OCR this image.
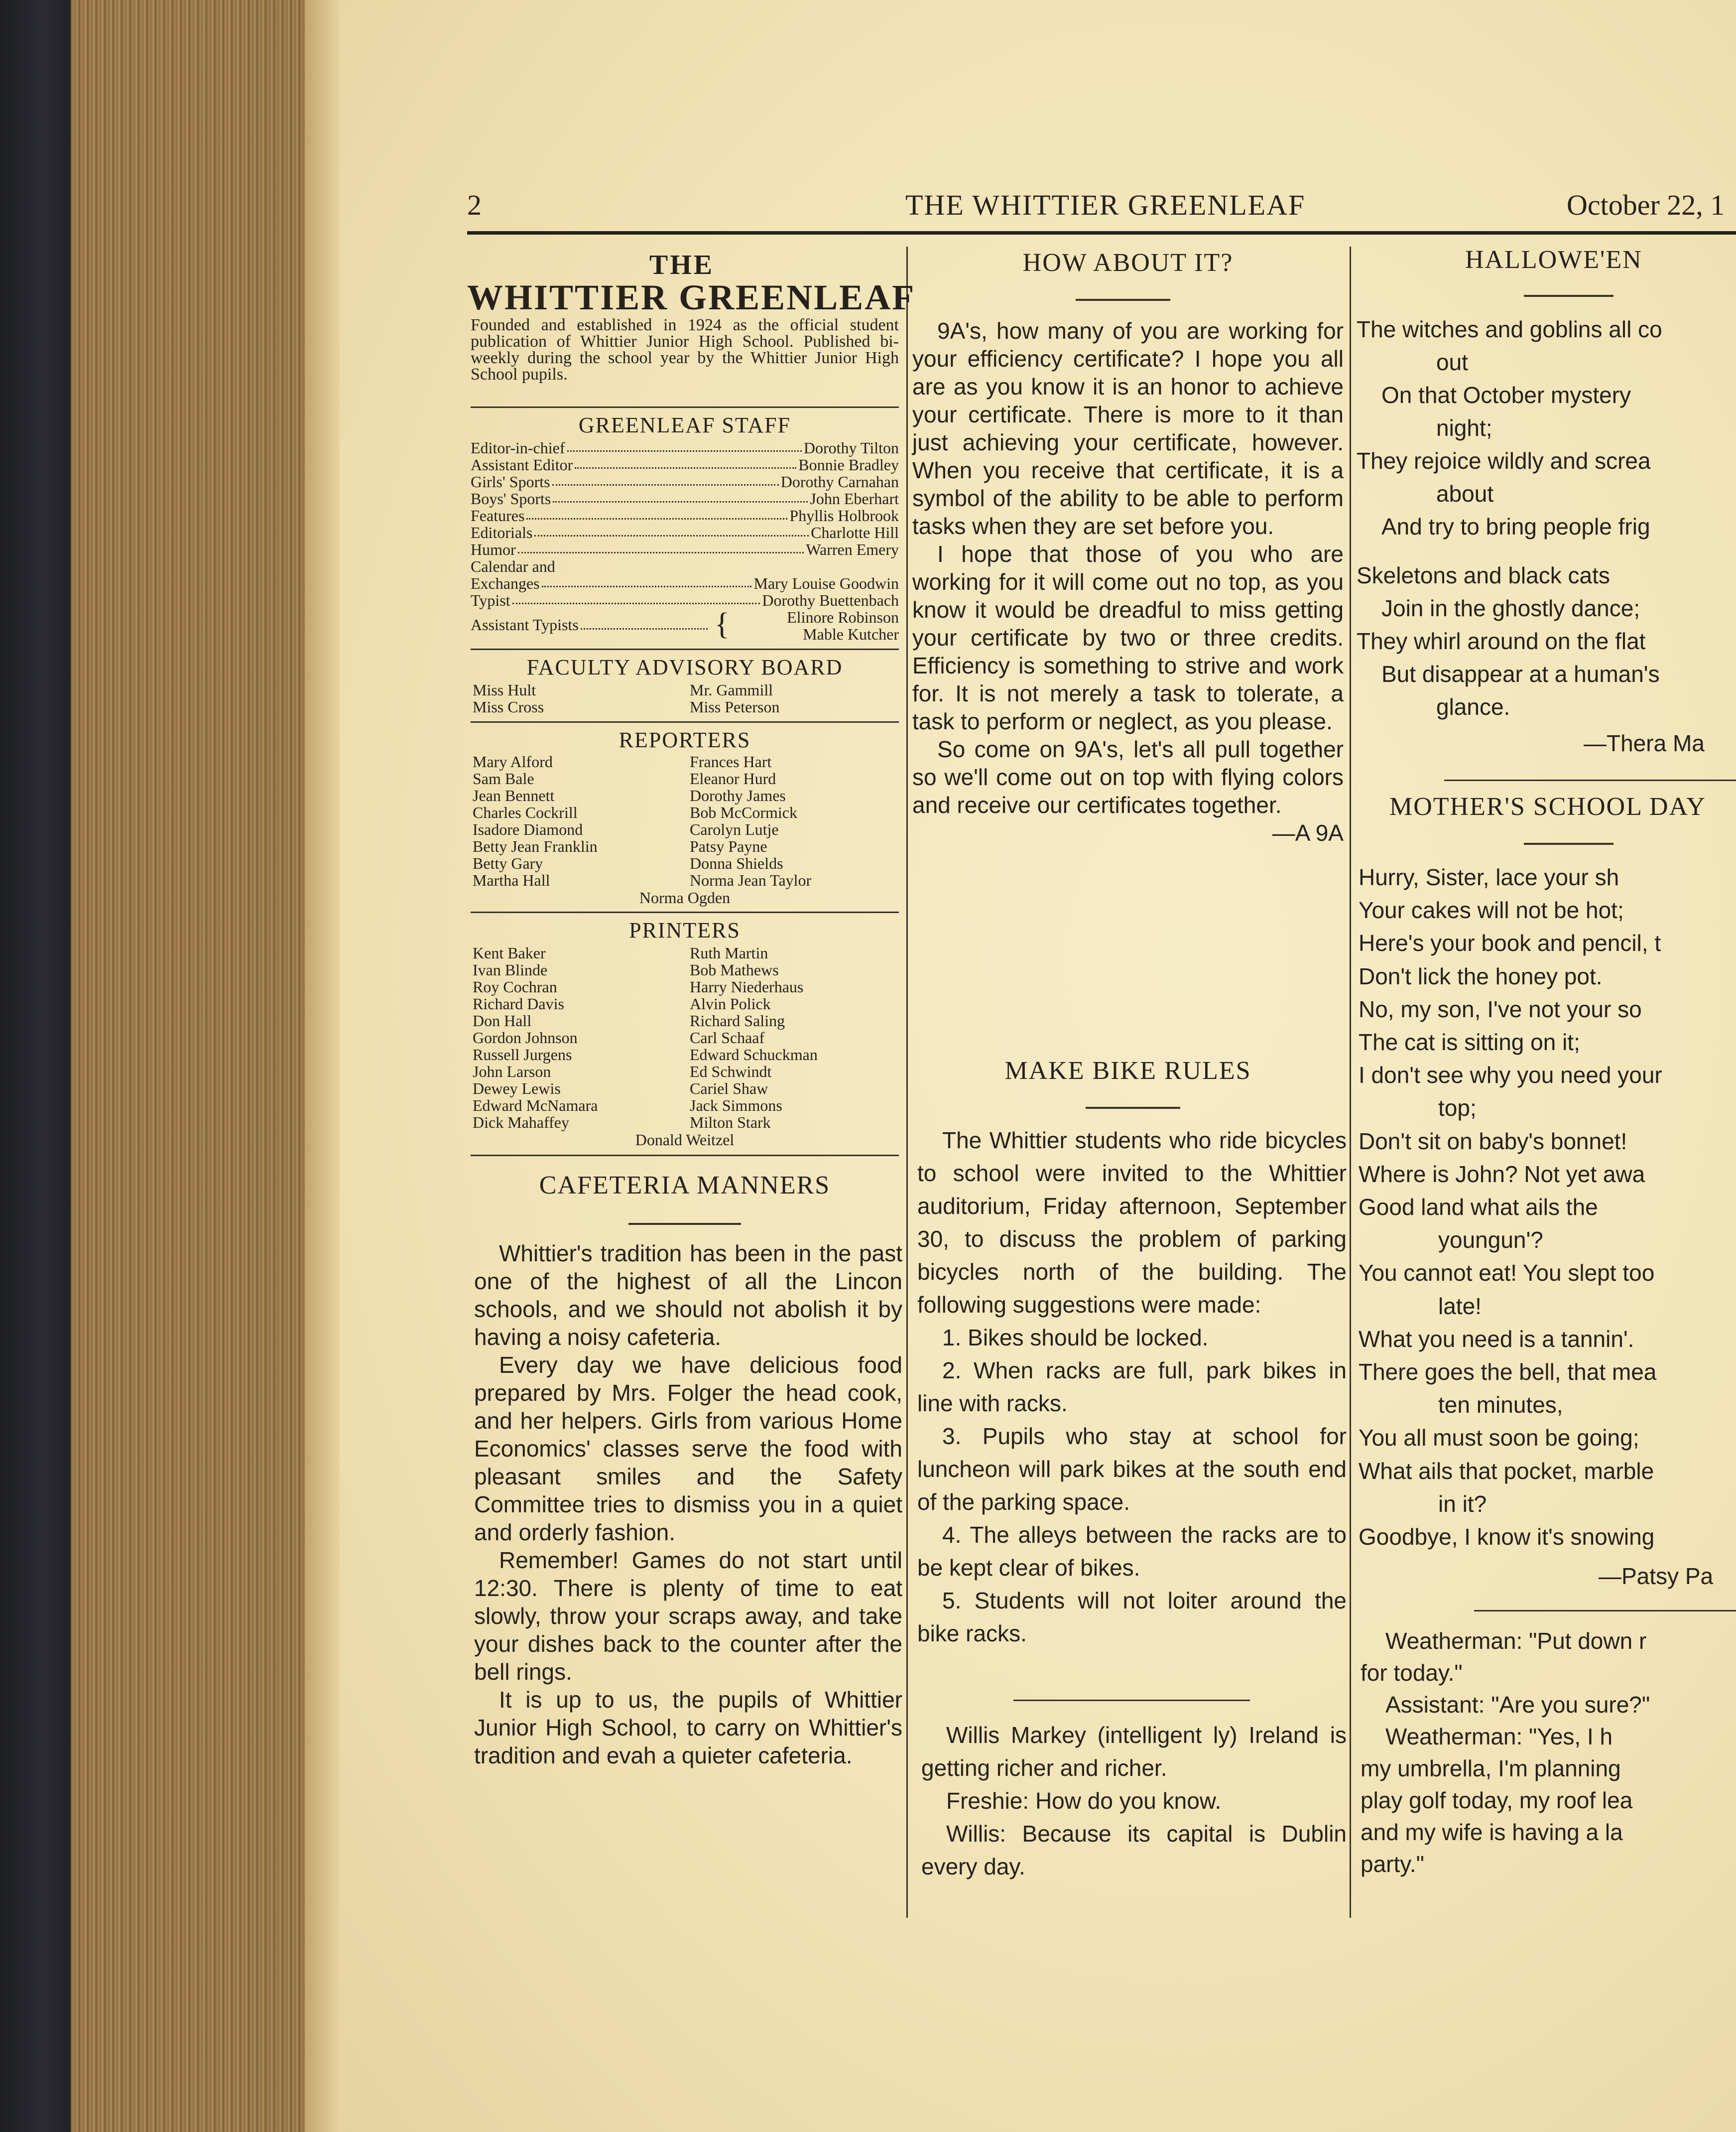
2	THE WHITTIER GREENLEAF	October 22, 1
THE
WHITTIER GREENLEAF
Founded and established in 1924 as the official student publication of Whittier Junior High School. Published bi-weekly during the school year by the Whittier Junior High School pupils.
GREENLEAF STAFF
Editor-in-chief	Dorothy Tilton
Assistant Editor	Bonnie Bradley
Girls' Sports	Dorothy Carnahan
Boys' Sports	John Eberhart
Features	Phyllis Holbrook
Editorials	Charlotte Hill
Humor	Warren Emery
Calendar and
Exchanges	Mary Louise Goodwin
Typist	Dorothy Buettenbach
Assistant Typists	{	Elinore Robinson
Mable Kutcher
FACULTY ADVISORY BOARD
Miss Hult	Mr. Gammill
Miss Cross	Miss Peterson
REPORTERS
Mary Alford	Frances Hart
Sam Bale	Eleanor Hurd
Jean Bennett	Dorothy James
Charles Cockrill	Bob McCormick
Isadore Diamond	Carolyn Lutje
Betty Jean Franklin	Patsy Payne
Betty Gary	Donna Shields
Martha Hall	Norma Jean Taylor
Norma Ogden
PRINTERS
Kent Baker	Ruth Martin
Ivan Blinde	Bob Mathews
Roy Cochran	Harry Niederhaus
Richard Davis	Alvin Polick
Don Hall	Richard Saling
Gordon Johnson	Carl Schaaf
Russell Jurgens	Edward Schuckman
John Larson	Ed Schwindt
Dewey Lewis	Cariel Shaw
Edward McNamara	Jack Simmons
Dick Mahaffey	Milton Stark
Donald Weitzel
CAFETERIA MANNERS

Whittier's tradition has been in the past one of the highest of all the Lincon schools, and we should not abolish it by having a noisy cafeteria.

Every day we have delicious food prepared by Mrs. Folger the head cook, and her helpers. Girls from various Home Economics' classes serve the food with pleasant smiles and the Safety Committee tries to dismiss you in a quiet and orderly fashion.

Remember! Games do not start until 12:30. There is plenty of time to eat slowly, throw your scraps away, and take your dishes back to the counter after the bell rings.

It is up to us, the pupils of Whittier Junior High School, to carry on Whittier's tradition and evah a quieter cafeteria.

HOW ABOUT IT?

9A's, how many of you are working for your efficiency certificate? I hope you all are as you know it is an honor to achieve your certificate. There is more to it than just achieving your certificate, however. When you receive that certificate, it is a symbol of the ability to be able to perform tasks when they are set before you.

I hope that those of you who are working for it will come out no top, as you know it would be dreadful to miss getting your certificate by two or three credits. Efficiency is something to strive and work for. It is not merely a task to tolerate, a task to perform or neglect, as you please.

So come on 9A's, let's all pull together so we'll come out on top with flying colors and receive our certificates together.

—A 9A
MAKE BIKE RULES

The Whittier students who ride bicycles to school were invited to the Whittier auditorium, Friday afternoon, September 30, to discuss the problem of parking bicycles north of the building. The following suggestions were made:

1. Bikes should be locked.

2. When racks are full, park bikes in line with racks.

3. Pupils who stay at school for luncheon will park bikes at the south end of the parking space.

4. The alleys between the racks are to be kept clear of bikes.

5. Students will not loiter around the bike racks.

Willis Markey (intelligent ly) Ireland is getting richer and richer.

Freshie: How do you know.

Willis: Because its capital is Dublin every day.

HALLOWE'EN
The witches and goblins all co
out
On that October mystery
night;
They rejoice wildly and screa
about
And try to bring people frig
Skeletons and black cats
Join in the ghostly dance;
They whirl around on the flat
But disappear at a human's
glance.
—Thera Ma
MOTHER'S SCHOOL DAY
Hurry, Sister, lace your sh
Your cakes will not be hot;
Here's your book and pencil, t
Don't lick the honey pot.
No, my son, I've not your so
The cat is sitting on it;
I don't see why you need your
top;
Don't sit on baby's bonnet!
Where is John? Not yet awa
Good land what ails the
youngun'?
You cannot eat! You slept too
late!
What you need is a tannin'.
There goes the bell, that mea
ten minutes,
You all must soon be going;
What ails that pocket, marble
in it?
Goodbye, I know it's snowing
—Patsy Pa
Weatherman: "Put down r
for today."
Assistant: "Are you sure?"
Weatherman: "Yes, I h
my umbrella, I'm planning
play golf today, my roof lea
and my wife is having a la
party."
